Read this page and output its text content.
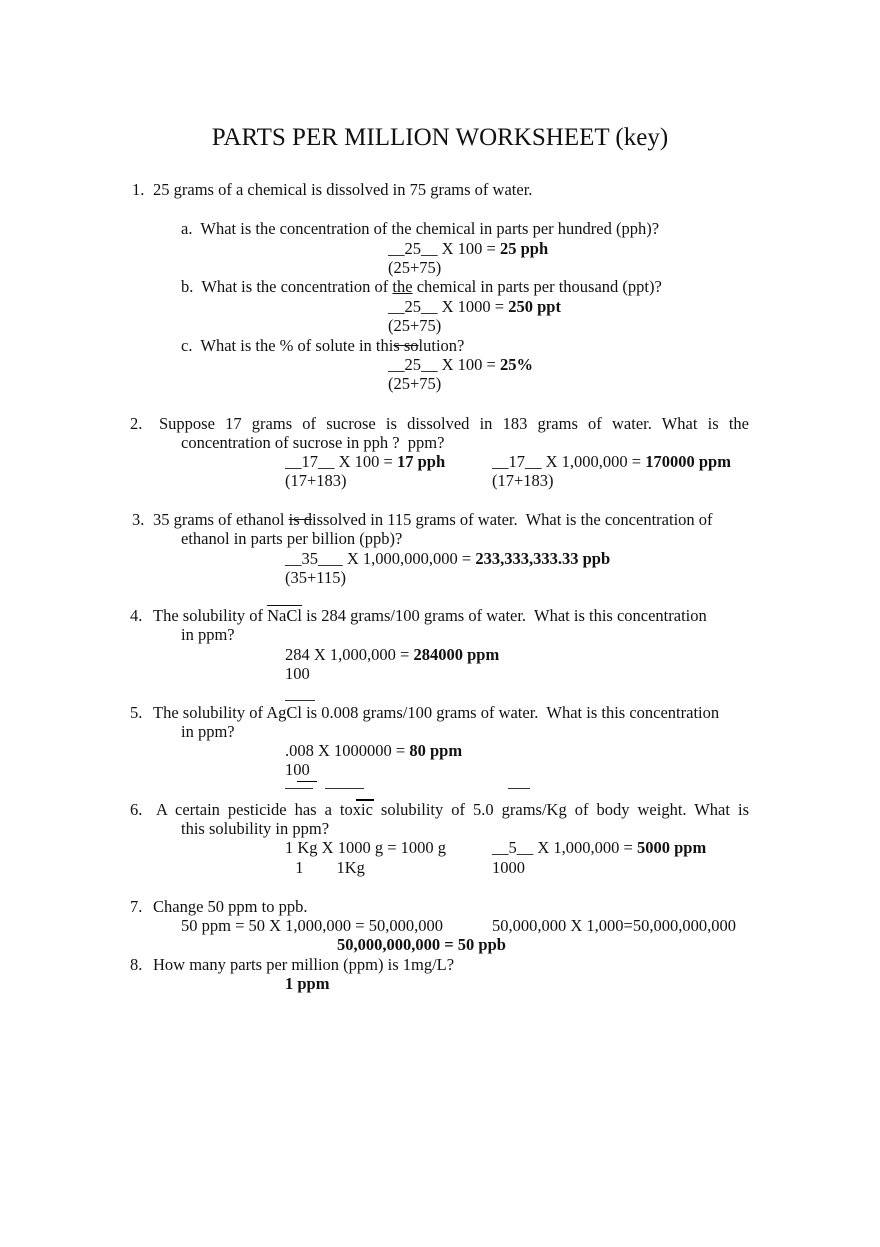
PARTS PER MILLION WORKSHEET (key)
1. 25 grams of a chemical is dissolved in 75 grams of water.
a.  What is the concentration of the chemical in parts per hundred (pph)?
__25__ X 100 = 25 pph
(25+75)
b.  What is the concentration of the chemical in parts per thousand (ppt)?
__25__ X 1000 = 250 ppt
(25+75)
c.  What is the % of solute in this solution?
__25__ X 100 = 25%
(25+75)
2. Suppose 17 grams of sucrose is dissolved in 183 grams of water. What is the
concentration of sucrose in pph ?  ppm?
__17__ X 100 = 17 pph
(17+183)
__17__ X 1,000,000 = 170000 ppm
(17+183)
3. 35 grams of ethanol is dissolved in 115 grams of water.  What is the concentration of
ethanol in parts per billion (ppb)?
__35___ X 1,000,000,000 = 233,333,333.33 ppb
(35+115)
4. The solubility of NaCl is 284 grams/100 grams of water.  What is this concentration
in ppm?
284 X 1,000,000 = 284000 ppm
100
5. The solubility of AgCl is 0.008 grams/100 grams of water.  What is this concentration
in ppm?
.008 X 1000000 = 80 ppm
100
6. A certain pesticide has a toxic solubility of 5.0 grams/Kg of body weight. What is
this solubility in ppm?
1 Kg X 1000 g = 1000 g
1        1Kg
__5__ X 1,000,000 = 5000 ppm
1000
7. Change 50 ppm to ppb.
50 ppm = 50 X 1,000,000 = 50,000,000	50,000,000 X 1,000=50,000,000,000
50,000,000,000 = 50 ppb
8. How many parts per million (ppm) is 1mg/L?
1 ppm
